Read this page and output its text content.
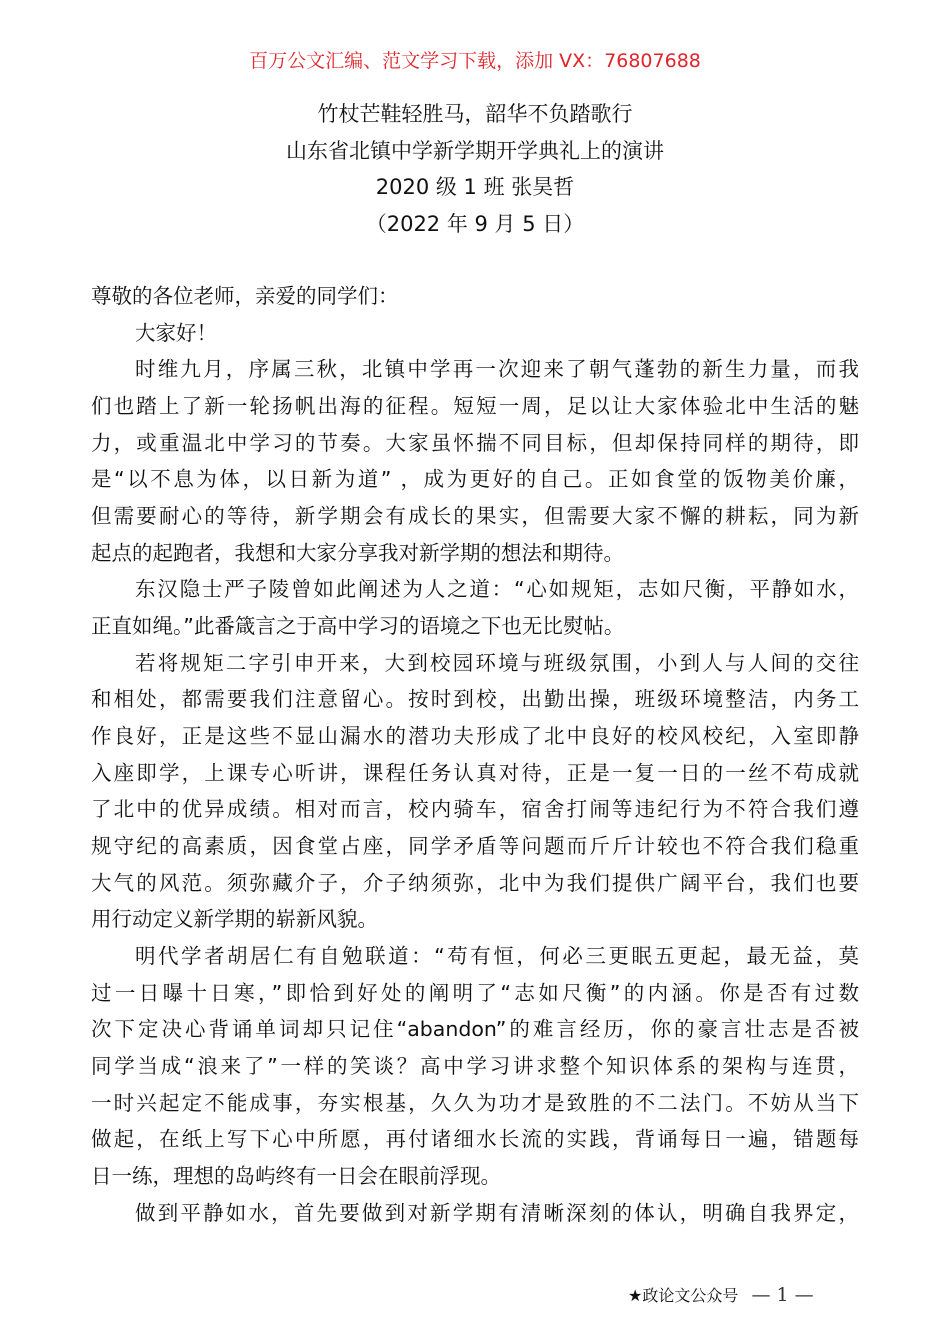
百万公文汇编、范文学习下载，添加 VX：76807688
竹杖芒鞋轻胜马，韶华不负踏歌行
山东省北镇中学新学期开学典礼上的演讲
2020 级 1 班 张昊哲
（2022 年 9 月 5 日）
尊敬的各位老师，亲爱的同学们：
大家好！
时维九月，序属三秋，北镇中学再一次迎来了朝气蓬勃的新生力量，而我
们也踏上了新一轮扬帆出海的征程。短短一周，足以让大家体验北中生活的魅
力，或重温北中学习的节奏。大家虽怀揣不同目标，但却保持同样的期待，即
是“以不息为体，以日新为道” ，成为更好的自己。正如食堂的饭物美价廉，
但需要耐心的等待，新学期会有成长的果实，但需要大家不懈的耕耘，同为新
起点的起跑者，我想和大家分享我对新学期的想法和期待。
东汉隐士严子陵曾如此阐述为人之道：“心如规矩，志如尺衡，平静如水，
正直如绳。”此番箴言之于高中学习的语境之下也无比熨帖。
若将规矩二字引申开来，大到校园环境与班级氛围，小到人与人间的交往
和相处，都需要我们注意留心。按时到校，出勤出操，班级环境整洁，内务工
作良好，正是这些不显山漏水的潜功夫形成了北中良好的校风校纪，入室即静
入座即学，上课专心听讲，课程任务认真对待，正是一复一日的一丝不苟成就
了北中的优异成绩。相对而言，校内骑车，宿舍打闹等违纪行为不符合我们遵
规守纪的高素质，因食堂占座，同学矛盾等问题而斤斤计较也不符合我们稳重
大气的风范。须弥藏介子，介子纳须弥，北中为我们提供广阔平台，我们也要
用行动定义新学期的崭新风貌。
明代学者胡居仁有自勉联道：“苟有恒，何必三更眠五更起，最无益，莫
过一日曝十日寒，”即恰到好处的阐明了“志如尺衡”的内涵。你是否有过数
次下定决心背诵单词却只记住“abandon”的难言经历，你的豪言壮志是否被
同学当成“浪来了”一样的笑谈？高中学习讲求整个知识体系的架构与连贯，
一时兴起定不能成事，夯实根基，久久为功才是致胜的不二法门。不妨从当下
做起，在纸上写下心中所愿，再付诸细水长流的实践，背诵每日一遍，错题每
日一练，理想的岛屿终有一日会在眼前浮现。
做到平静如水，首先要做到对新学期有清晰深刻的体认，明确自我界定，
★政论文公众号 — 1 —
